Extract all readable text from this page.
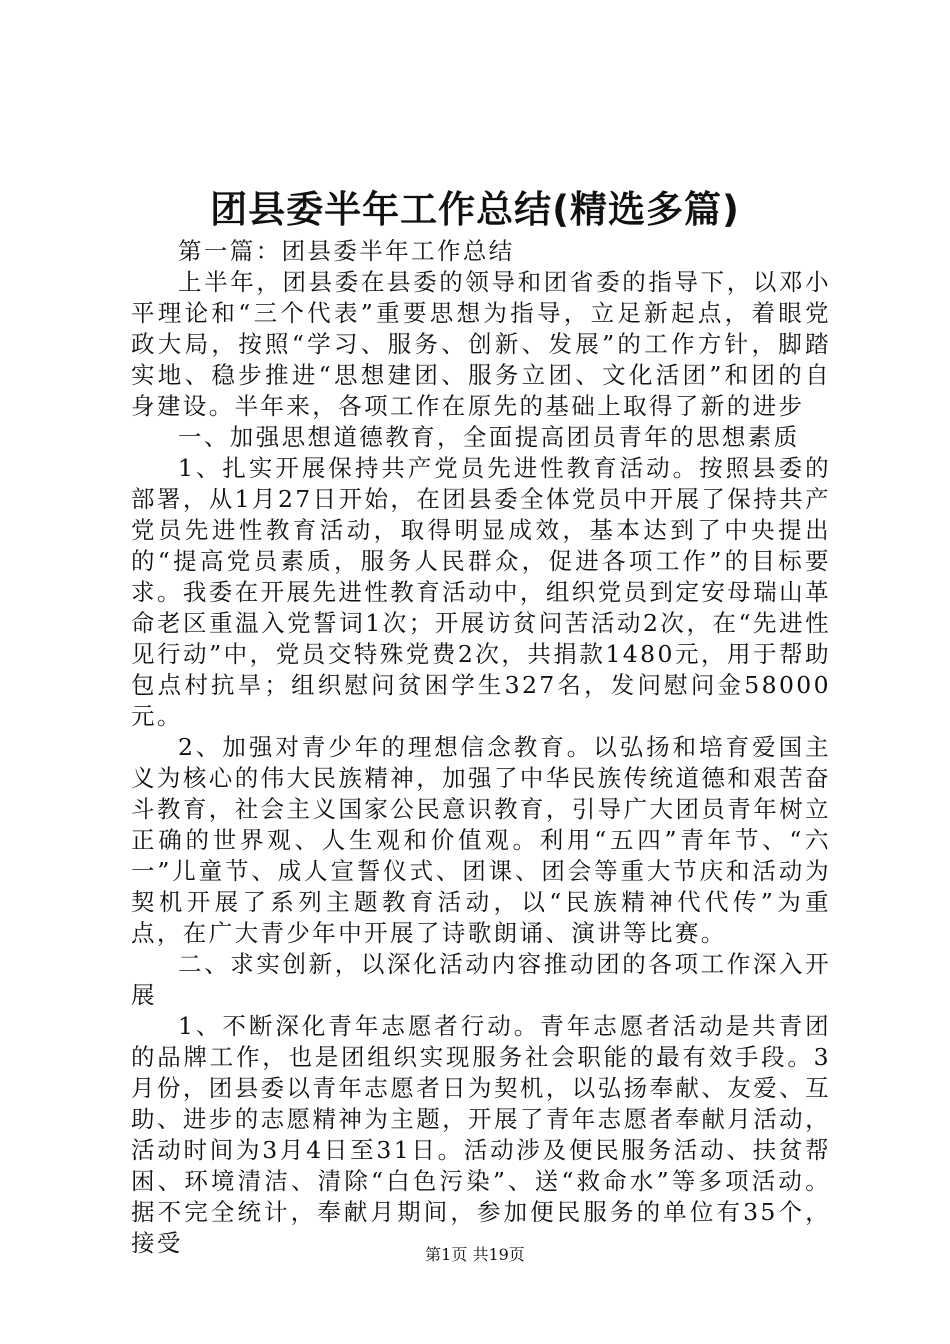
团县委半年工作总结(精选多篇)

第一篇：团县委半年工作总结

上半年，团县委在县委的领导和团省委的指导下，以邓小平理论和“三个代表”重要思想为指导，立足新起点，着眼党政大局，按照“学习、服务、创新、发展”的工作方针，脚踏实地、稳步推进“思想建团、服务立团、文化活团”和团的自身建设。半年来，各项工作在原先的基础上取得了新的进步

一、加强思想道德教育，全面提高团员青年的思想素质

1、扎实开展保持共产党员先进性教育活动。按照县委的部署，从1月27日开始，在团县委全体党员中开展了保持共产党员先进性教育活动，取得明显成效，基本达到了中央提出的“提高党员素质，服务人民群众，促进各项工作”的目标要求。我委在开展先进性教育活动中，组织党员到定安母瑞山革命老区重温入党誓词1次；开展访贫问苦活动2次，在“先进性见行动”中，党员交特殊党费2次，共捐款1480元，用于帮助包点村抗旱；组织慰问贫困学生327名，发问慰问金58000元。

2、加强对青少年的理想信念教育。以弘扬和培育爱国主义为核心的伟大民族精神，加强了中华民族传统道德和艰苦奋斗教育，社会主义国家公民意识教育，引导广大团员青年树立正确的世界观、人生观和价值观。利用“五四”青年节、“六一”儿童节、成人宣誓仪式、团课、团会等重大节庆和活动为契机开展了系列主题教育活动，以“民族精神代代传”为重点，在广大青少年中开展了诗歌朗诵、演讲等比赛。

二、求实创新，以深化活动内容推动团的各项工作深入开展

1、不断深化青年志愿者行动。青年志愿者活动是共青团的品牌工作，也是团组织实现服务社会职能的最有效手段。3月份，团县委以青年志愿者日为契机，以弘扬奉献、友爱、互助、进步的志愿精神为主题，开展了青年志愿者奉献月活动，活动时间为3月4日至31日。活动涉及便民服务活动、扶贫帮困、环境清洁、清除“白色污染”、送“救命水”等多项活动。据不完全统计，奉献月期间，参加便民服务的单位有35个，接受	第1页 共19页
